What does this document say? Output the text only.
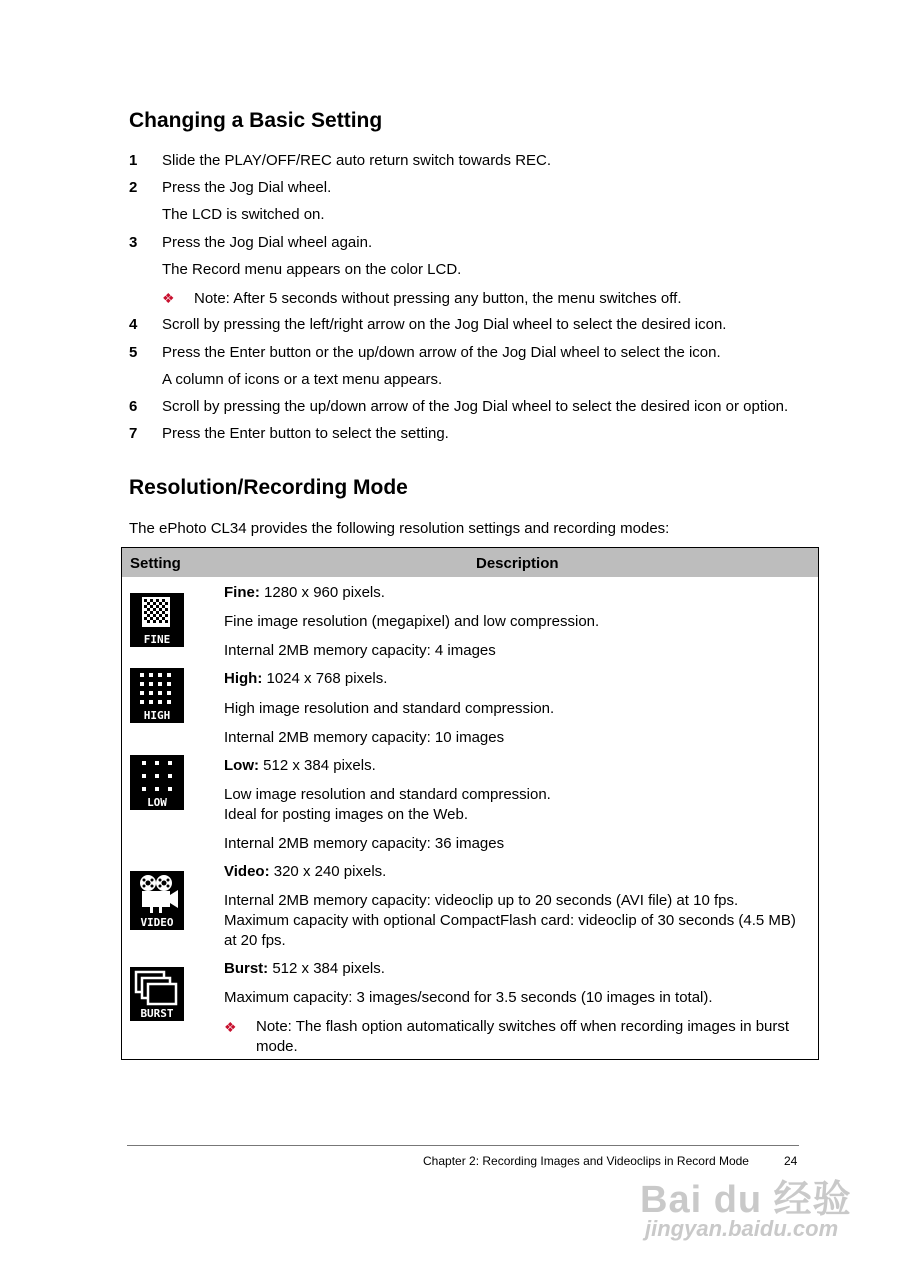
Changing a Basic Setting
1 Slide the PLAY/OFF/REC auto return switch towards REC.
2 Press the Jog Dial wheel.
The LCD is switched on.
3 Press the Jog Dial wheel again.
The Record menu appears on the color LCD.
❖ Note: After 5 seconds without pressing any button, the menu switches off.
4 Scroll by pressing the left/right arrow on the Jog Dial wheel to select the desired icon.
5 Press the Enter button or the up/down arrow of the Jog Dial wheel to select the icon.
A column of icons or a text menu appears.
6 Scroll by pressing the up/down arrow of the Jog Dial wheel to select the desired icon or option.
7 Press the Enter button to select the setting.
Resolution/Recording Mode
The ePhoto CL34 provides the following resolution settings and recording modes:
Setting	Description
FINE
Fine: 1280 x 960 pixels.
Fine image resolution (megapixel) and low compression.
Internal 2MB memory capacity: 4 images
HIGH
High: 1024 x 768 pixels.
High image resolution and standard compression.
Internal 2MB memory capacity: 10 images
LOW
Low: 512 x 384 pixels.
Low image resolution and standard compression.
Ideal for posting images on the Web.
Internal 2MB memory capacity: 36 images
VIDEO
Video: 320 x 240 pixels.
Internal 2MB memory capacity: videoclip up to 20 seconds (AVI file) at 10 fps.
Maximum capacity with optional CompactFlash card: videoclip of 30 seconds (4.5 MB)
at 20 fps.
BURST
Burst: 512 x 384 pixels.
Maximum capacity: 3 images/second for 3.5 seconds (10 images in total).
❖ Note: The flash option automatically switches off when recording images in burst mode.
Chapter 2: Recording Images and Videoclips in Record Mode	24
Bai du 经验
jingyan.baidu.com
